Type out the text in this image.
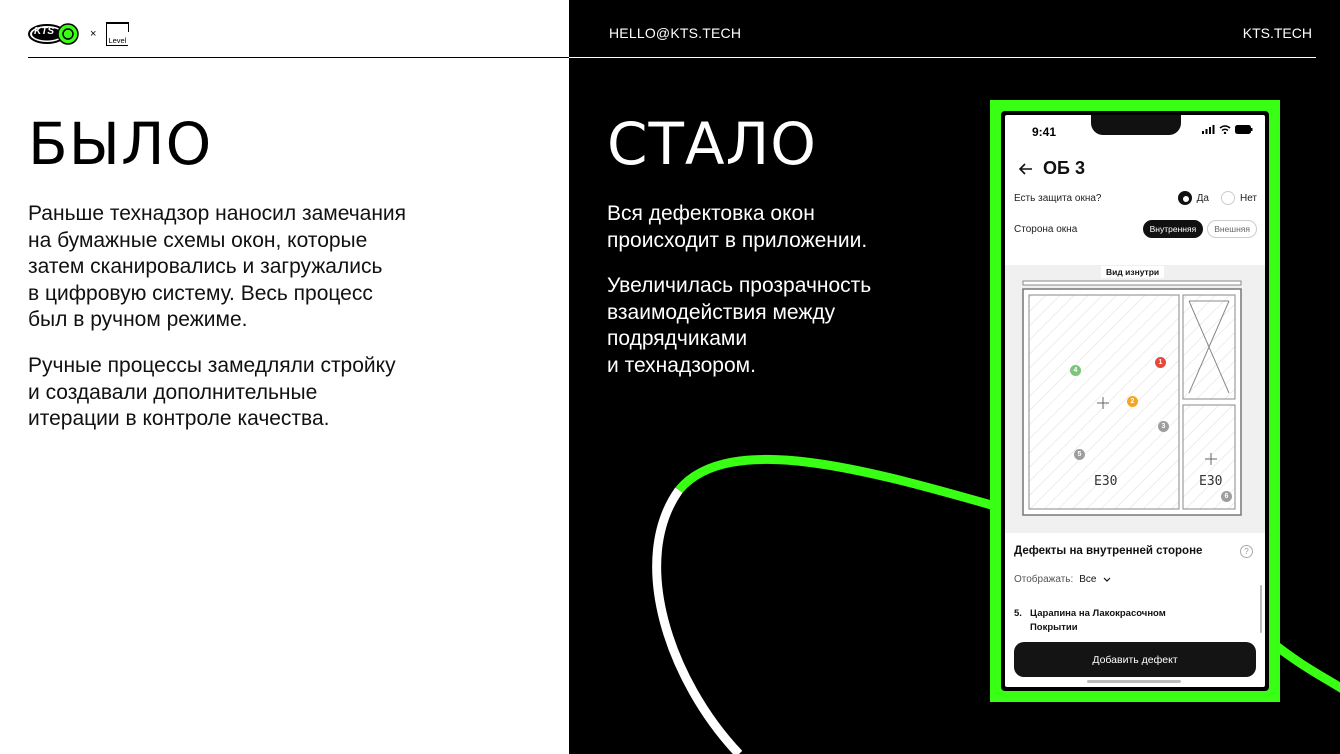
KTS	×
Level
БЫЛО

Раньше технадзор наносил замечания
на бумажные схемы окон, которые
затем сканировались и загружались
в цифровую систему. Весь процесс
был в ручном режиме.

Ручные процессы замедляли стройку
и создавали дополнительные
итерации в контроле качества.

HELLO@KTS.TECH	KTS.TECH
СТАЛО

Вся дефектовка окон
происходит в приложении.

Увеличилась прозрачность
взаимодействия между
подрядчиками
и технадзором.

9:41
ОБ 3
Есть защита окна?	Да	Нет
Сторона окна	Внутренняя	Внешняя
Вид изнутри
E30	E30
1
2
3
4
5
6
Дефекты на внутренней стороне	?
Отображать: Все
5. Царапина на Лакокрасочном
Покрытии
Добавить дефект
